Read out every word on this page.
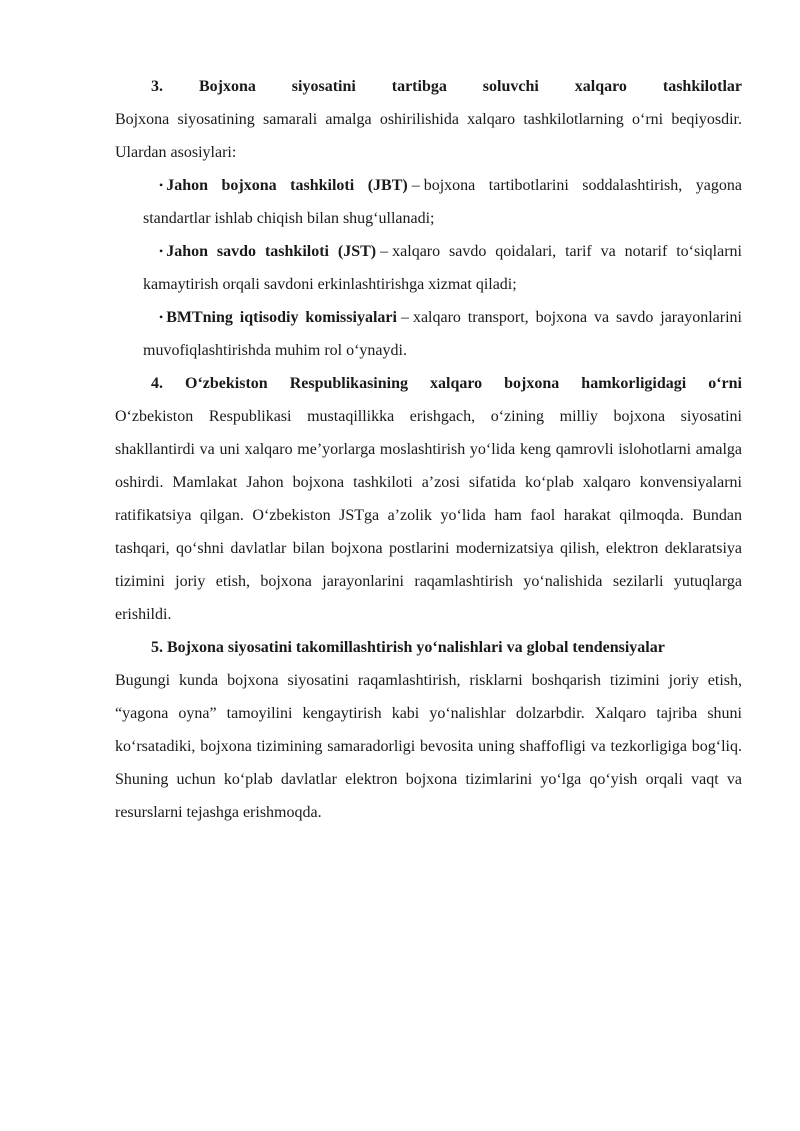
3. Bojxona siyosatini tartibga soluvchi xalqaro tashkilotlar

Bojxona siyosatining samarali amalga oshirilishida xalqaro tashkilotlarning o‘rni beqiyosdir. Ulardan asosiylari:

• Jahon bojxona tashkiloti (JBT) – bojxona tartibotlarini soddalashtirish, yagona standartlar ishlab chiqish bilan shug‘ullanadi;

• Jahon savdo tashkiloti (JST) – xalqaro savdo qoidalari, tarif va notarif to‘siqlarni kamaytirish orqali savdoni erkinlashtirishga xizmat qiladi;

• BMTning iqtisodiy komissiyalari – xalqaro transport, bojxona va savdo jarayonlarini muvofiqlashtirishda muhim rol o‘ynaydi.

4. O‘zbekiston Respublikasining xalqaro bojxona hamkorligidagi o‘rni

O‘zbekiston Respublikasi mustaqillikka erishgach, o‘zining milliy bojxona siyosatini shakllantirdi va uni xalqaro me’yorlarga moslashtirish yo‘lida keng qamrovli islohotlarni amalga oshirdi. Mamlakat Jahon bojxona tashkiloti a’zosi sifatida ko‘plab xalqaro konvensiyalarni ratifikatsiya qilgan. O‘zbekiston JSTga a’zolik yo‘lida ham faol harakat qilmoqda. Bundan tashqari, qo‘shni davlatlar bilan bojxona postlarini modernizatsiya qilish, elektron deklaratsiya tizimini joriy etish, bojxona jarayonlarini raqamlashtirish yo‘nalishida sezilarli yutuqlarga erishildi.

5. Bojxona siyosatini takomillashtirish yo‘nalishlari va global tendensiyalar

Bugungi kunda bojxona siyosatini raqamlashtirish, risklarni boshqarish tizimini joriy etish, “yagona oyna” tamoyilini kengaytirish kabi yo‘nalishlar dolzarbdir. Xalqaro tajriba shuni ko‘rsatadiki, bojxona tizimining samaradorligi bevosita uning shaffofligi va tezkorligiga bog‘liq. Shuning uchun ko‘plab davlatlar elektron bojxona tizimlarini yo‘lga qo‘yish orqali vaqt va resurslarni tejashga erishmoqda.
